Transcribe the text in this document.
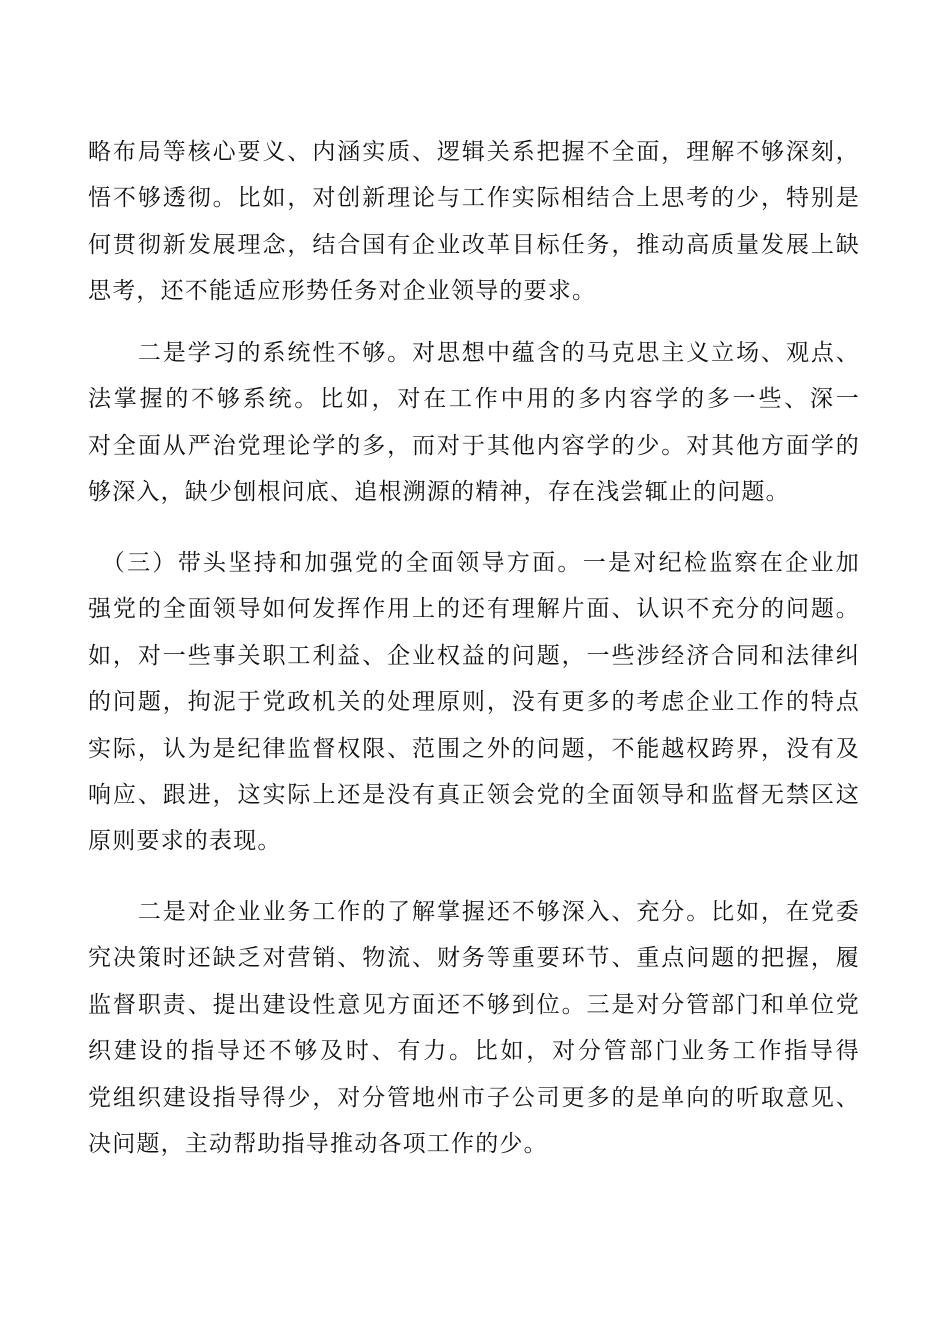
略布局等核心要义、内涵实质、逻辑关系把握不全面，理解不够深刻，
悟不够透彻。比如，对创新理论与工作实际相结合上思考的少，特别是
何贯彻新发展理念，结合国有企业改革目标任务，推动高质量发展上缺
思考，还不能适应形势任务对企业领导的要求。
　　二是学习的系统性不够。对思想中蕴含的马克思主义立场、观点、
法掌握的不够系统。比如，对在工作中用的多内容学的多一些、深一
对全面从严治党理论学的多，而对于其他内容学的少。对其他方面学的
够深入，缺少刨根问底、追根溯源的精神，存在浅尝辄止的问题。
　（三）带头坚持和加强党的全面领导方面。一是对纪检监察在企业加
强党的全面领导如何发挥作用上的还有理解片面、认识不充分的问题。
如，对一些事关职工利益、企业权益的问题，一些涉经济合同和法律纠
的问题，拘泥于党政机关的处理原则，没有更多的考虑企业工作的特点
实际，认为是纪律监督权限、范围之外的问题，不能越权跨界，没有及
响应、跟进，这实际上还是没有真正领会党的全面领导和监督无禁区这
原则要求的表现。
　　二是对企业业务工作的了解掌握还不够深入、充分。比如，在党委
究决策时还缺乏对营销、物流、财务等重要环节、重点问题的把握，履
监督职责、提出建设性意见方面还不够到位。三是对分管部门和单位党
织建设的指导还不够及时、有力。比如，对分管部门业务工作指导得
党组织建设指导得少，对分管地州市子公司更多的是单向的听取意见、
决问题，主动帮助指导推动各项工作的少。
